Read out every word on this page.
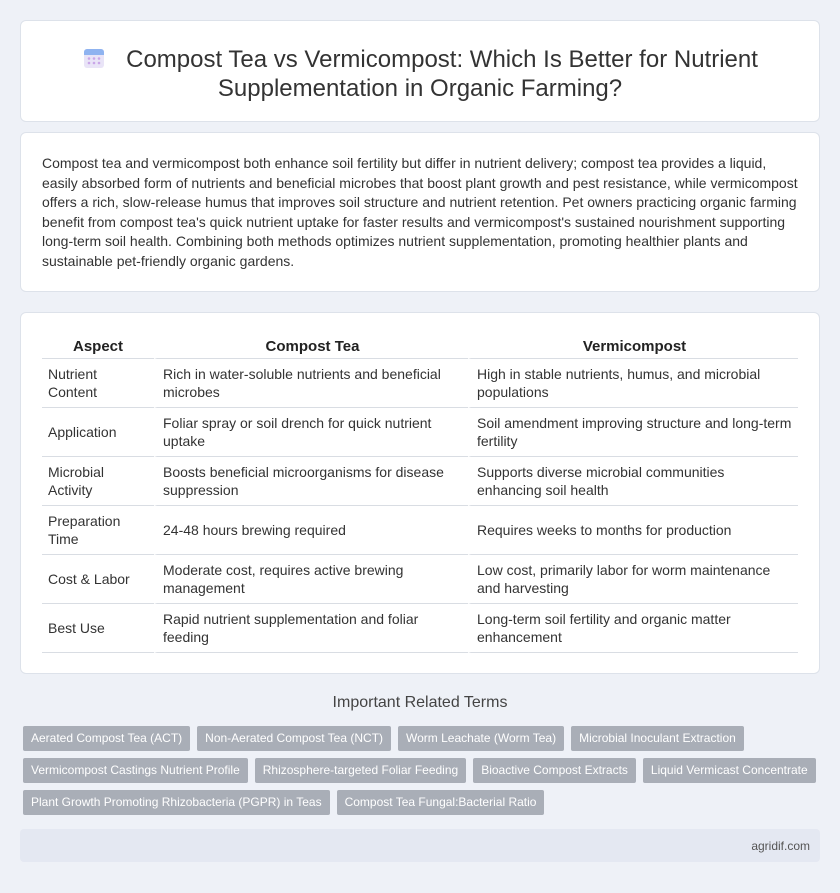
Compost Tea vs Vermicompost: Which Is Better for Nutrient
Supplementation in Organic Farming?

Compost tea and vermicompost both enhance soil fertility but differ in nutrient delivery; compost tea provides a liquid, easily absorbed form of nutrients and beneficial microbes that boost plant growth and pest resistance, while vermicompost offers a rich, slow-release humus that improves soil structure and nutrient retention. Pet owners practicing organic farming benefit from compost tea's quick nutrient uptake for faster results and vermicompost's sustained nourishment supporting long-term soil health. Combining both methods optimizes nutrient supplementation, promoting healthier plants and sustainable pet-friendly organic gardens.

Aspect	Compost Tea	Vermicompost
Nutrient Content	Rich in water-soluble nutrients and beneficial microbes	High in stable nutrients, humus, and microbial populations
Application	Foliar spray or soil drench for quick nutrient uptake	Soil amendment improving structure and long-term fertility
Microbial Activity	Boosts beneficial microorganisms for disease suppression	Supports diverse microbial communities enhancing soil health
Preparation Time	24-48 hours brewing required	Requires weeks to months for production
Cost & Labor	Moderate cost, requires active brewing management	Low cost, primarily labor for worm maintenance and harvesting
Best Use	Rapid nutrient supplementation and foliar feeding	Long-term soil fertility and organic matter enhancement
Important Related Terms
Aerated Compost Tea (ACT)	Non-Aerated Compost Tea (NCT)	Worm Leachate (Worm Tea)	Microbial Inoculant Extraction
Vermicompost Castings Nutrient Profile	Rhizosphere-targeted Foliar Feeding	Bioactive Compost Extracts	Liquid Vermicast Concentrate
Plant Growth Promoting Rhizobacteria (PGPR) in Teas	Compost Tea Fungal:Bacterial Ratio
agridif.com
